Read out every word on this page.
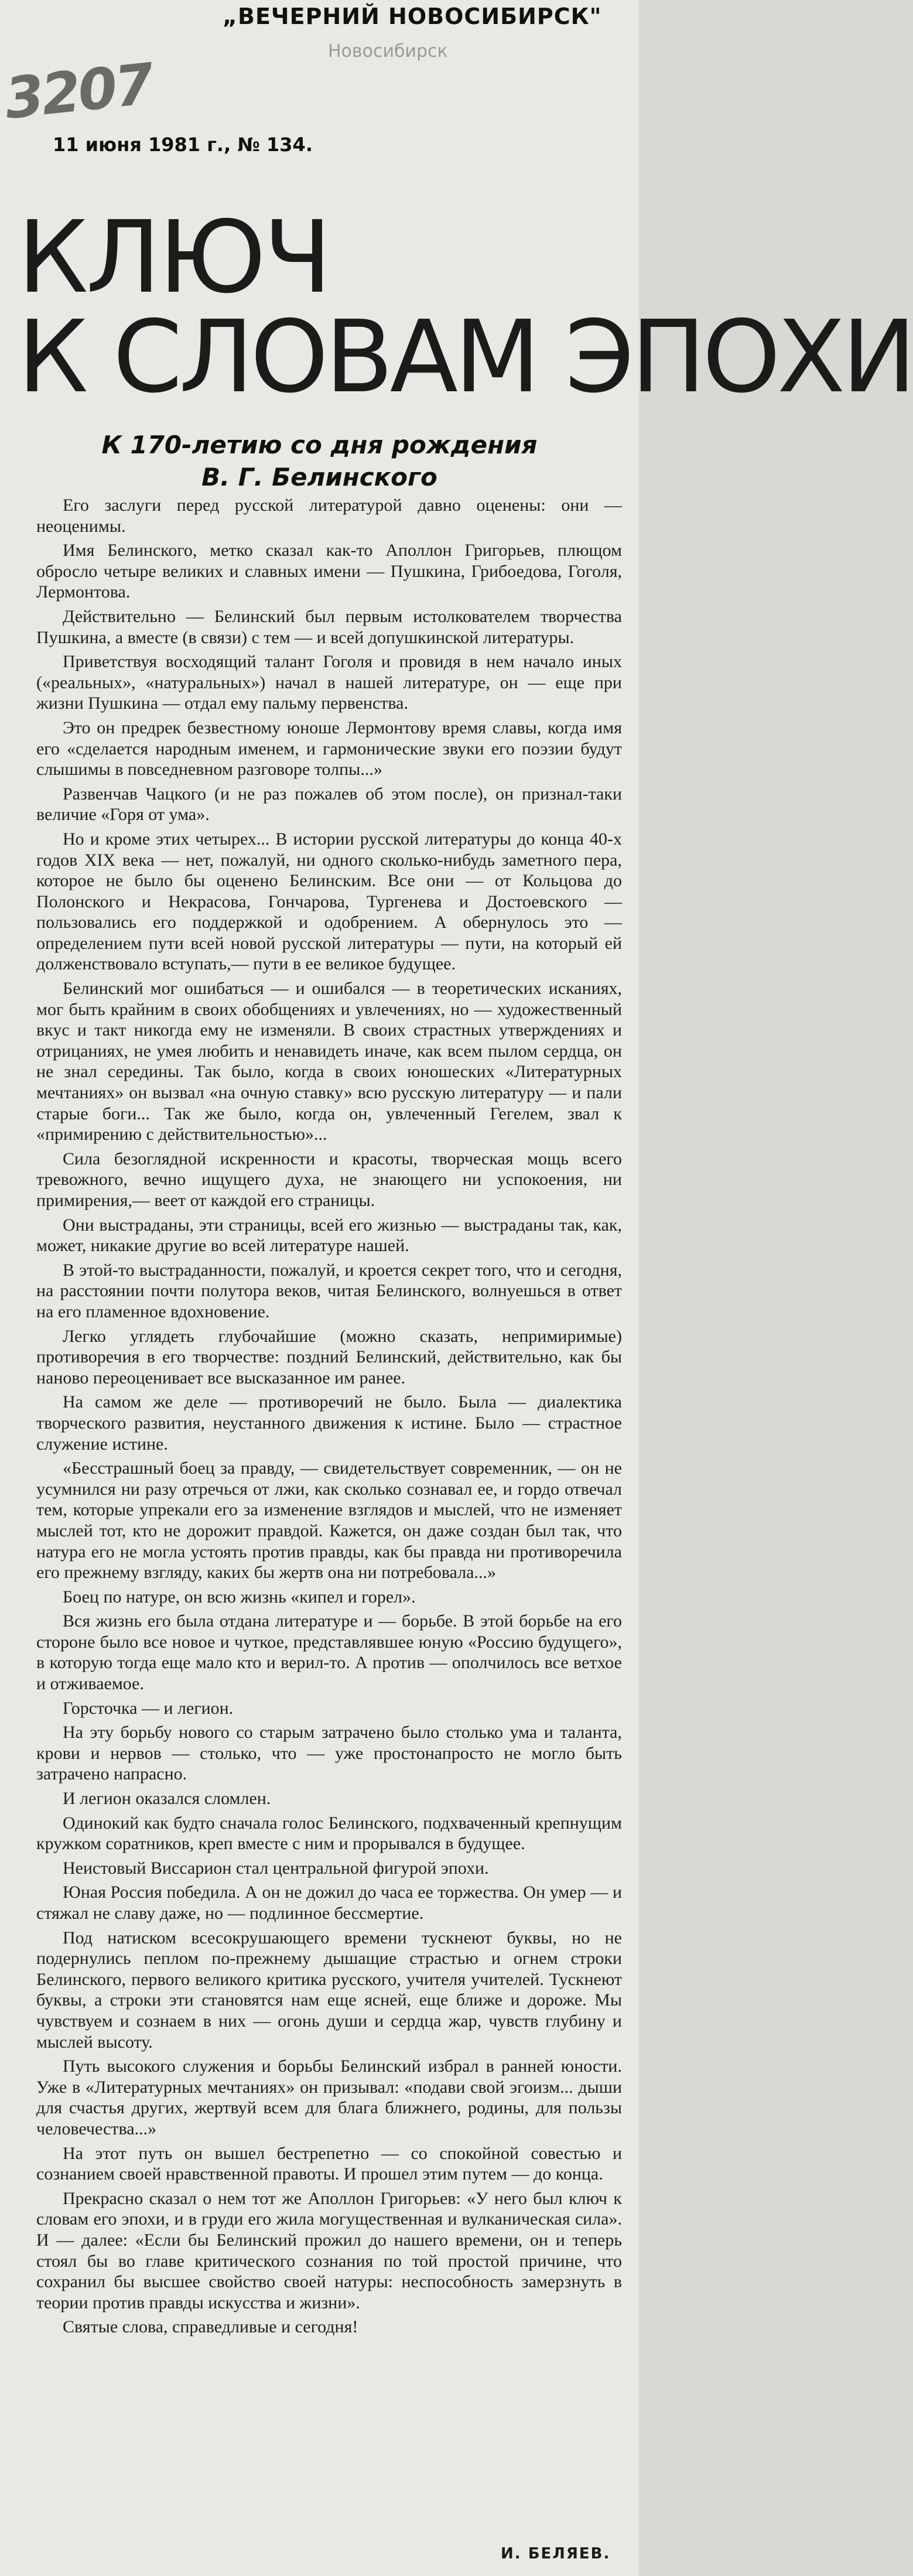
„ВЕЧЕРНИЙ НОВОСИБИРСК"
Новосибирск
3207
11 июня 1981 г., № 134.
КЛЮЧ
К СЛОВАМ ЭПОХИ
К 170-летию со дня рождения
В. Г. Белинского

Его заслуги перед русской литературой давно оценены: они — неоценимы.

Имя Белинского, метко сказал как-то Аполлон Григорьев, плющом обросло четыре великих и славных имени — Пушкина, Грибоедова, Гоголя, Лермонтова.

Действительно — Белинский был первым истолкователем творчества Пушкина, а вместе (в связи) с тем — и всей допушкинской литературы.

Приветствуя восходящий талант Гоголя и провидя в нем начало иных («реальных», «натуральных») начал в нашей литературе, он — еще при жизни Пушкина — отдал ему пальму первенства.

Это он предрек безвестному юноше Лермонтову время славы, когда имя его «сделается народным именем, и гармонические звуки его поэзии будут слышимы в повседневном разговоре толпы...»

Развенчав Чацкого (и не раз пожалев об этом после), он признал-таки величие «Горя от ума».

Но и кроме этих четырех... В истории русской литературы до конца 40-х годов XIX века — нет, пожалуй, ни одного сколько-нибудь заметного пера, которое не было бы оценено Белинским. Все они — от Кольцова до Полонского и Некрасова, Гончарова, Тургенева и Достоевского — пользовались его поддержкой и одобрением. А обернулось это — определением пути всей новой русской литературы — пути, на который ей долженствовало вступать,— пути в ее великое будущее.

Белинский мог ошибаться — и ошибался — в теоретических исканиях, мог быть крайним в своих обобщениях и увлечениях, но — художественный вкус и такт никогда ему не изменяли. В своих страстных утверждениях и отрицаниях, не умея любить и ненавидеть иначе, как всем пылом сердца, он не знал середины. Так было, когда в своих юношеских «Литературных мечтаниях» он вызвал «на очную ставку» всю русскую литературу — и пали старые боги... Так же было, когда он, увлеченный Гегелем, звал к «примирению с действительностью»...

Сила безоглядной искренности и красоты, творческая мощь всего тревожного, вечно ищущего духа, не знающего ни успокоения, ни примирения,— веет от каждой его страницы.

Они выстраданы, эти страницы, всей его жизнью — выстраданы так, как, может, никакие другие во всей литературе нашей.

В этой-то выстраданности, пожалуй, и кроется секрет того, что и сегодня, на расстоянии почти полутора веков, читая Белинского, волнуешься в ответ на его пламенное вдохновение.

Легко углядеть глубочайшие (можно сказать, непримиримые) противоречия в его творчестве: поздний Белинский, действительно, как бы наново переоценивает все высказанное им ранее.

На самом же деле — противоречий не было. Была — диалектика творческого развития, неустанного движения к истине. Было — страстное служение истине.

«Бесстрашный боец за правду, — свидетельствует современник, — он не усумнился ни разу отречься от лжи, как сколько сознавал ее, и гордо отвечал тем, которые упрекали его за изменение взглядов и мыслей, что не изменяет мыслей тот, кто не дорожит правдой. Кажется, он даже создан был так, что натура его не могла устоять против правды, как бы правда ни противоречила его прежнему взгляду, каких бы жертв она ни потребовала...»

Боец по натуре, он всю жизнь «кипел и горел».

Вся жизнь его была отдана литературе и — борьбе. В этой борьбе на его стороне было все новое и чуткое, представлявшее юную «Россию будущего», в которую тогда еще мало кто и верил-то. А против — ополчилось все ветхое и отживаемое.

Горсточка — и легион.

На эту борьбу нового со старым затрачено было столько ума и таланта, крови и нервов — столько, что — уже простонапросто не могло быть затрачено напрасно.

И легион оказался сломлен.

Одинокий как будто сначала голос Белинского, подхваченный крепнущим кружком соратников, креп вместе с ним и прорывался в будущее.

Неистовый Виссарион стал центральной фигурой эпохи.

Юная Россия победила. А он не дожил до часа ее торжества. Он умер — и стяжал не славу даже, но — подлинное бессмертие.

Под натиском всесокрушающего времени тускнеют буквы, но не подернулись пеплом по-прежнему дышащие страстью и огнем строки Белинского, первого великого критика русского, учителя учителей. Тускнеют буквы, а строки эти становятся нам еще ясней, еще ближе и дороже. Мы чувствуем и сознаем в них — огонь души и сердца жар, чувств глубину и мыслей высоту.

Путь высокого служения и борьбы Белинский избрал в ранней юности. Уже в «Литературных мечтаниях» он призывал: «подави свой эгоизм... дыши для счастья других, жертвуй всем для блага ближнего, родины, для пользы человечества...»

На этот путь он вышел бестрепетно — со спокойной совестью и сознанием своей нравственной правоты. И прошел этим путем — до конца.

Прекрасно сказал о нем тот же Аполлон Григорьев: «У него был ключ к словам его эпохи, и в груди его жила могущественная и вулканическая сила». И — далее: «Если бы Белинский прожил до нашего времени, он и теперь стоял бы во главе критического сознания по той простой причине, что сохранил бы высшее свойство своей натуры: неспособность замерзнуть в теории против правды искусства и жизни».

Святые слова, справедливые и сегодня!

И. БЕЛЯЕВ.
